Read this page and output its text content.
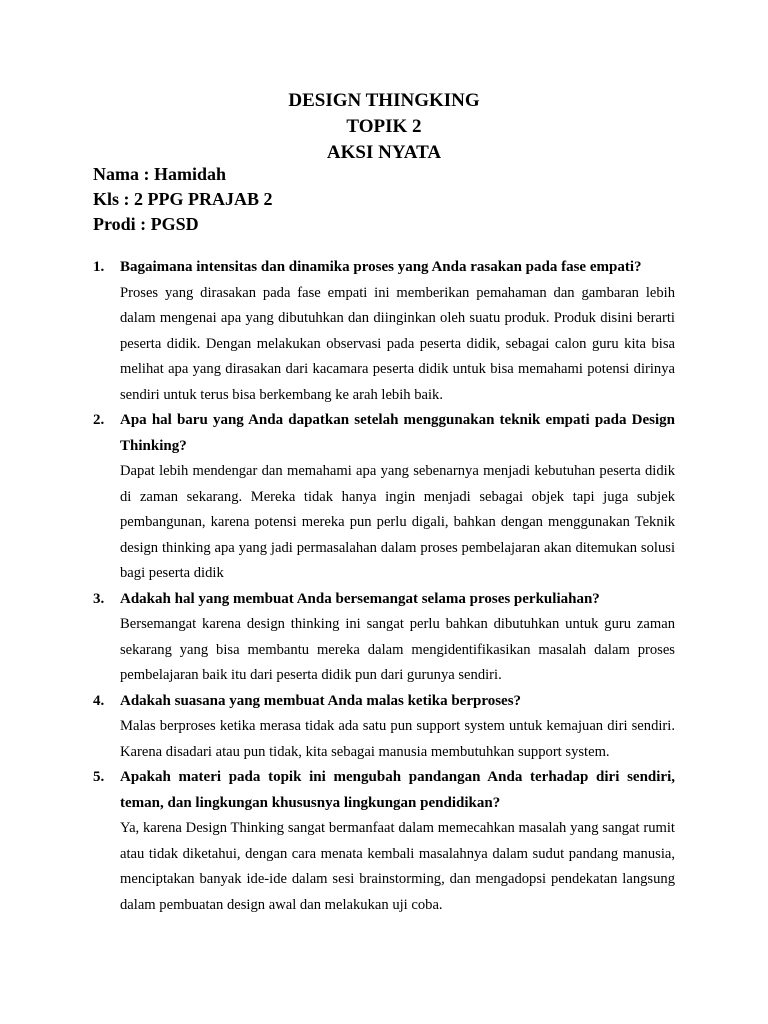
DESIGN THINGKING
TOPIK 2
AKSI NYATA
Nama : Hamidah
Kls : 2 PPG PRAJAB 2
Prodi : PGSD
1. Bagaimana intensitas dan dinamika proses yang Anda rasakan pada fase empati?
Proses yang dirasakan pada fase empati ini memberikan pemahaman dan gambaran lebih dalam mengenai apa yang dibutuhkan dan diinginkan oleh suatu produk. Produk disini berarti peserta didik. Dengan melakukan observasi pada peserta didik, sebagai calon guru kita bisa melihat apa yang dirasakan dari kacamara peserta didik untuk bisa memahami potensi dirinya sendiri untuk terus bisa berkembang ke arah lebih baik.
2. Apa hal baru yang Anda dapatkan setelah menggunakan teknik empati pada Design Thinking?
Dapat lebih mendengar dan memahami apa yang sebenarnya menjadi kebutuhan peserta didik di zaman sekarang. Mereka tidak hanya ingin menjadi sebagai objek tapi juga subjek pembangunan, karena potensi mereka pun perlu digali, bahkan dengan menggunakan Teknik design thinking apa yang jadi permasalahan dalam proses pembelajaran akan ditemukan solusi bagi peserta didik
3. Adakah hal yang membuat Anda bersemangat selama proses perkuliahan?
Bersemangat karena design thinking ini sangat perlu bahkan dibutuhkan untuk guru zaman sekarang yang bisa membantu mereka dalam mengidentifikasikan masalah dalam proses pembelajaran baik itu dari peserta didik pun dari gurunya sendiri.
4. Adakah suasana yang membuat Anda malas ketika berproses?
Malas berproses ketika merasa tidak ada satu pun support system untuk kemajuan diri sendiri. Karena disadari atau pun tidak, kita sebagai manusia membutuhkan support system.
5. Apakah materi pada topik ini mengubah pandangan Anda terhadap diri sendiri, teman, dan lingkungan khususnya lingkungan pendidikan?
Ya, karena Design Thinking sangat bermanfaat dalam memecahkan masalah yang sangat rumit atau tidak diketahui, dengan cara menata kembali masalahnya dalam sudut pandang manusia, menciptakan banyak ide-ide dalam sesi brainstorming, dan mengadopsi pendekatan langsung dalam pembuatan design awal dan melakukan uji coba.
